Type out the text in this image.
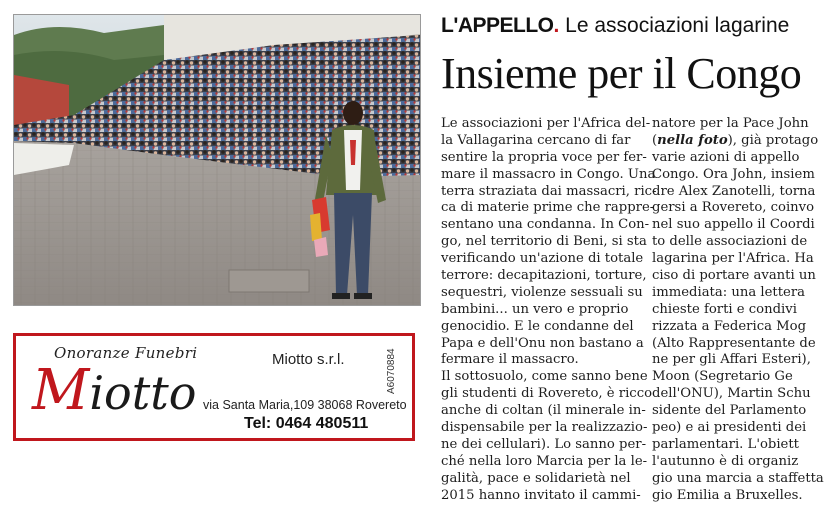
Onoranze Funebri
Miotto
Miotto s.r.l.	A6070884
via Santa Maria,109 38068 Rovereto
Tel: 0464 480511
L'APPELLO. Le associazioni lagarine
Insieme per il Congo
Le associazioni per l'Africa del-
la Vallagarina cercano di far
sentire la propria voce per fer-
mare il massacro in Congo. Una
terra straziata dai massacri, ric-
ca di materie prime che rappre-
sentano una condanna. In Con-
go, nel territorio di Beni, si sta
verificando un'azione di totale
terrore: decapitazioni, torture,
sequestri, violenze sessuali su
bambini... un vero e proprio
genocidio. E le condanne del
Papa e dell'Onu non bastano a
fermare il massacro.
Il sottosuolo, come sanno bene
gli studenti di Rovereto, è ricco
anche di coltan (il minerale in-
dispensabile per la realizzazio-
ne dei cellulari). Lo sanno per-
ché nella loro Marcia per la le-
galità, pace e solidarietà nel
2015 hanno invitato il cammi-
natore per la Pace John
(nella foto), già protago
varie azioni di appello
Congo. Ora John, insiem
dre Alex Zanotelli, torna
gersi a Rovereto, coinvo
nel suo appello il Coordi
to delle associazioni de
lagarina per l'Africa. Ha
ciso di portare avanti un
immediata: una lettera
chieste forti e condivi
rizzata a Federica Mog
(Alto Rappresentante de
ne per gli Affari Esteri),
Moon (Segretario Ge
dell'ONU), Martin Schu
sidente del Parlamento
peo) e ai presidenti dei
parlamentari. L'obiett
l'autunno è di organiz
gio una marcia a staffetta
gio Emilia a Bruxelles.
